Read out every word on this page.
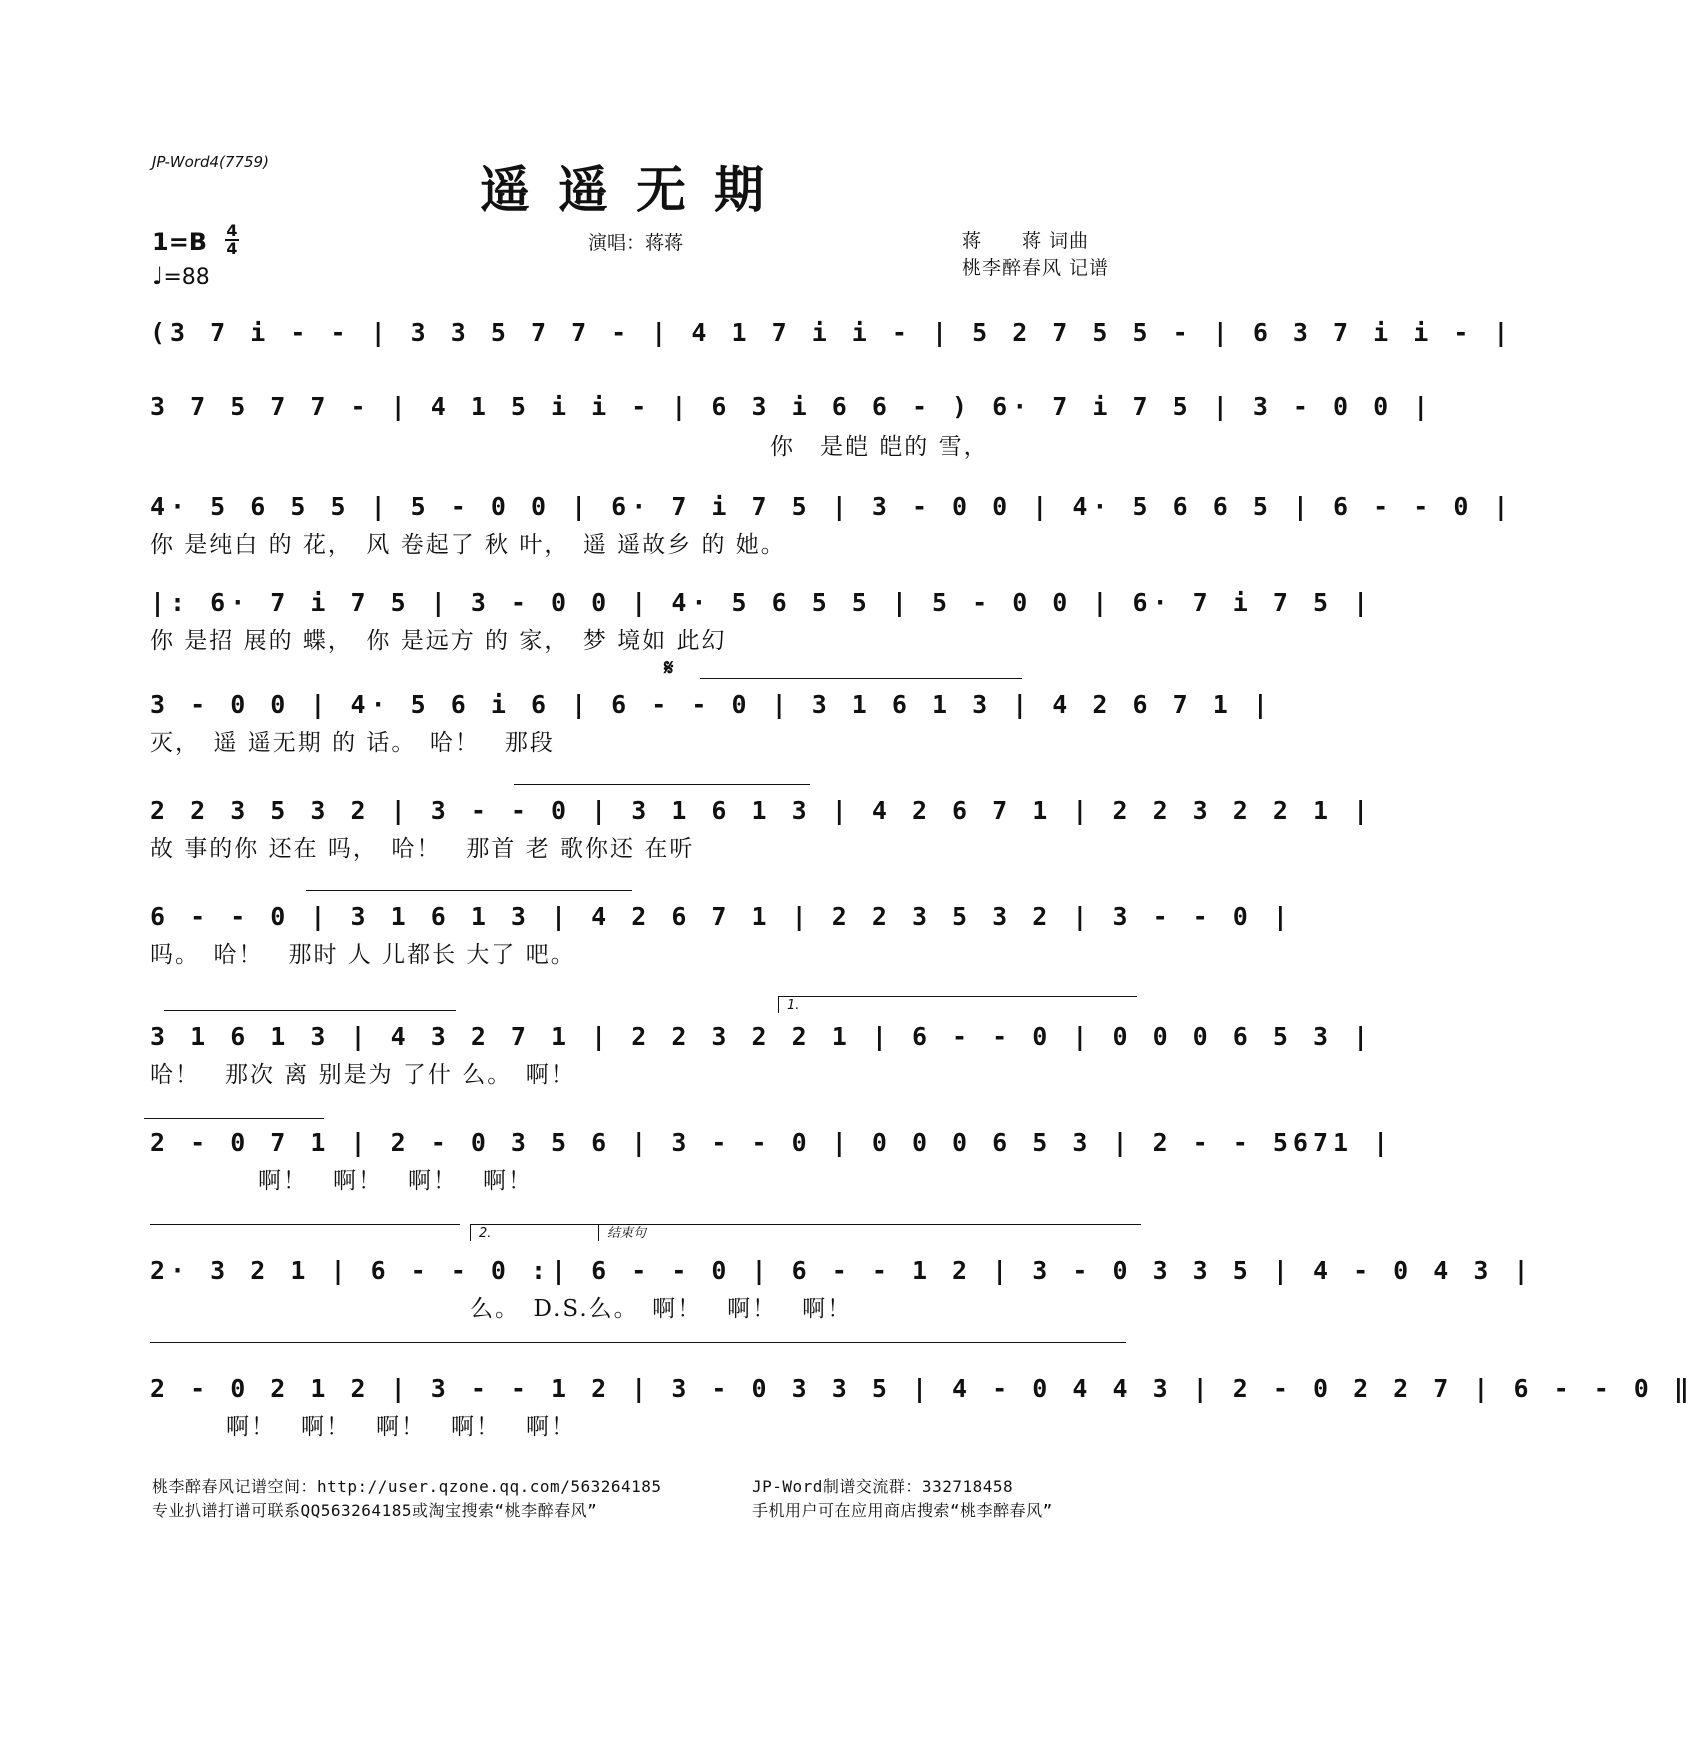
JP-Word4(7759)	遥遥无期
1=B 4
4
♩=88
演唱：蒋蒋	蒋　　蒋 词曲
桃李醉春风 记谱
(3 7 i - - | 3 3 5 7 7 - | 4 1 7 i i - | 5 2 7 5 5 - | 6 3 7 i i - |
3 7 5 7 7 - | 4 1 5 i i - | 6 3 i 6 6 - ) 6· 7 i 7 5 | 3 - 0 0 |
你　是皑 皑的 雪，
4· 5 6 5 5 | 5 - 0 0 | 6· 7 i 7 5 | 3 - 0 0 | 4· 5 6 6 5 | 6 - - 0 |
你 是纯白 的 花，　风 卷起了 秋 叶，　遥 遥故乡 的 她。
|: 6· 7 i 7 5 | 3 - 0 0 | 4· 5 6 5 5 | 5 - 0 0 | 6· 7 i 7 5 |
你 是招 展的 蝶，　你 是远方 的 家，　梦 境如 此幻
𝄋
3 - 0 0 | 4· 5 6 i 6 | 6 - - 0 | 3 1 6 1 3 | 4 2 6 7 1 |
灭，　遥 遥无期 的 话。　哈！　那段
2 2 3 5 3 2 | 3 - - 0 | 3 1 6 1 3 | 4 2 6 7 1 | 2 2 3 2 2 1 |
故 事的你 还在 吗，　哈！　那首 老 歌你还 在听
6 - - 0 | 3 1 6 1 3 | 4 2 6 7 1 | 2 2 3 5 3 2 | 3 - - 0 |
吗。　哈！　那时 人 儿都长 大了 吧。
1.
3 1 6 1 3 | 4 3 2 7 1 | 2 2 3 2 2 1 | 6 - - 0 | 0 0 0 6 5 3 |
哈！　那次 离 别是为 了什 么。　啊！
2 - 0 7 1 | 2 - 0 3 5 6 | 3 - - 0 | 0 0 0 6 5 3 | 2 - - 5671 |
啊！　啊！　啊！　啊！
2.	结束句
2· 3 2 1 | 6 - - 0 :| 6 - - 0 | 6 - - 1 2 | 3 - 0 3 3 5 | 4 - 0 4 3 |
么。　D.S.么。　啊！　啊！　啊！
2 - 0 2 1 2 | 3 - - 1 2 | 3 - 0 3 3 5 | 4 - 0 4 4 3 | 2 - 0 2 2 7 | 6 - - 0 ‖
啊！　啊！　啊！　啊！　啊！
桃李醉春风记谱空间：http://user.qzone.qq.com/563264185
专业扒谱打谱可联系QQ563264185或淘宝搜索“桃李醉春风”
JP-Word制谱交流群：332718458
手机用户可在应用商店搜索“桃李醉春风”
